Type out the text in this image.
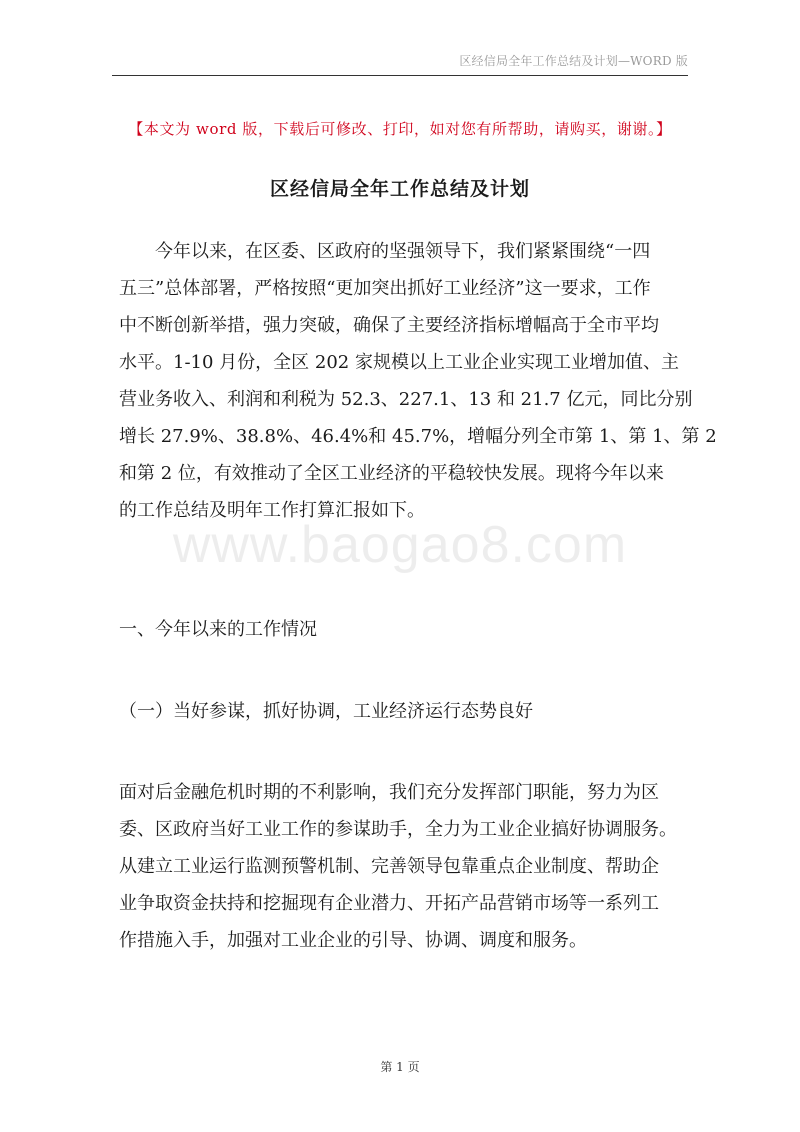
区经信局全年工作总结及计划—WORD 版
【本文为 word 版，下载后可修改、打印，如对您有所帮助，请购买，谢谢。】
区经信局全年工作总结及计划
今年以来，在区委、区政府的坚强领导下，我们紧紧围绕“一四
五三”总体部署，严格按照“更加突出抓好工业经济”这一要求，工作
中不断创新举措，强力突破，确保了主要经济指标增幅高于全市平均
水平。1-10 月份，全区 202 家规模以上工业企业实现工业增加值、主
营业务收入、利润和利税为 52.3、227.1、13 和 21.7 亿元，同比分别
增长 27.9%、38.8%、46.4%和 45.7%，增幅分列全市第 1、第 1、第 2
和第 2 位，有效推动了全区工业经济的平稳较快发展。现将今年以来
的工作总结及明年工作打算汇报如下。
www.baogao8.com
一、今年以来的工作情况
（一）当好参谋，抓好协调，工业经济运行态势良好
面对后金融危机时期的不利影响，我们充分发挥部门职能，努力为区
委、区政府当好工业工作的参谋助手，全力为工业企业搞好协调服务。
从建立工业运行监测预警机制、完善领导包靠重点企业制度、帮助企
业争取资金扶持和挖掘现有企业潜力、开拓产品营销市场等一系列工
作措施入手，加强对工业企业的引导、协调、调度和服务。
第 1 页
